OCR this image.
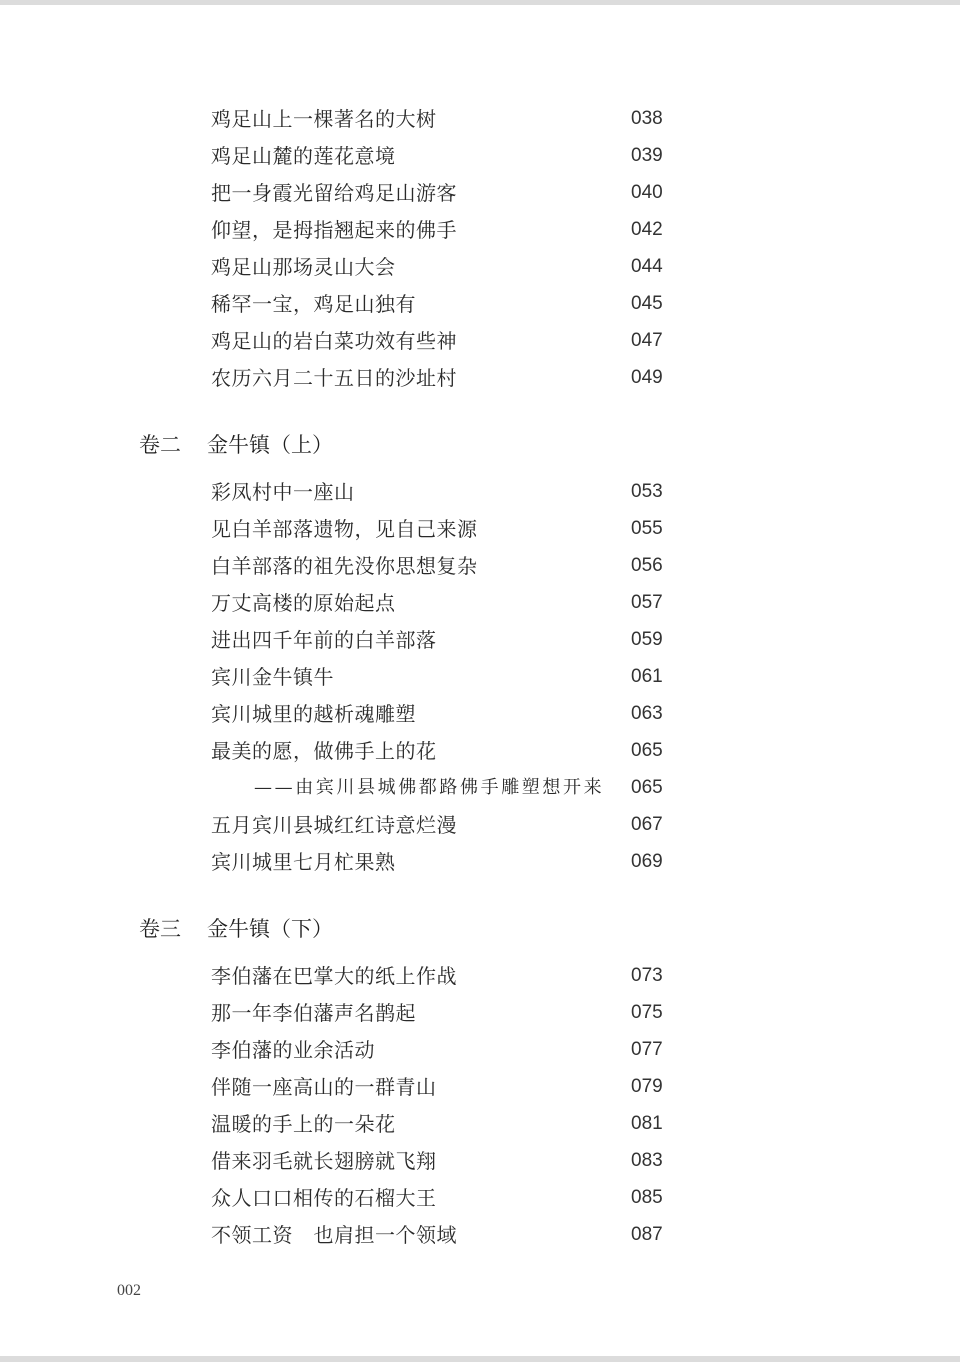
鸡足山上一棵著名的大树	038
鸡足山麓的莲花意境	039
把一身霞光留给鸡足山游客	040
仰望，是拇指翘起来的佛手	042
鸡足山那场灵山大会	044
稀罕一宝，鸡足山独有	045
鸡足山的岩白菜功效有些神	047
农历六月二十五日的沙址村	049
卷二 金牛镇（上）
彩凤村中一座山	053
见白羊部落遗物，见自己来源	055
白羊部落的祖先没你思想复杂	056
万丈高楼的原始起点	057
进出四千年前的白羊部落	059
宾川金牛镇牛	061
宾川城里的越析魂雕塑	063
最美的愿，做佛手上的花	065
——由宾川县城佛都路佛手雕塑想开来 065
五月宾川县城红红诗意烂漫	067
宾川城里七月杧果熟	069
卷三 金牛镇（下）
李伯藩在巴掌大的纸上作战	073
那一年李伯藩声名鹊起	075
李伯藩的业余活动	077
伴随一座高山的一群青山	079
温暖的手上的一朵花	081
借来羽毛就长翅膀就飞翔	083
众人口口相传的石榴大王	085
不领工资　也肩担一个领域	087
002
